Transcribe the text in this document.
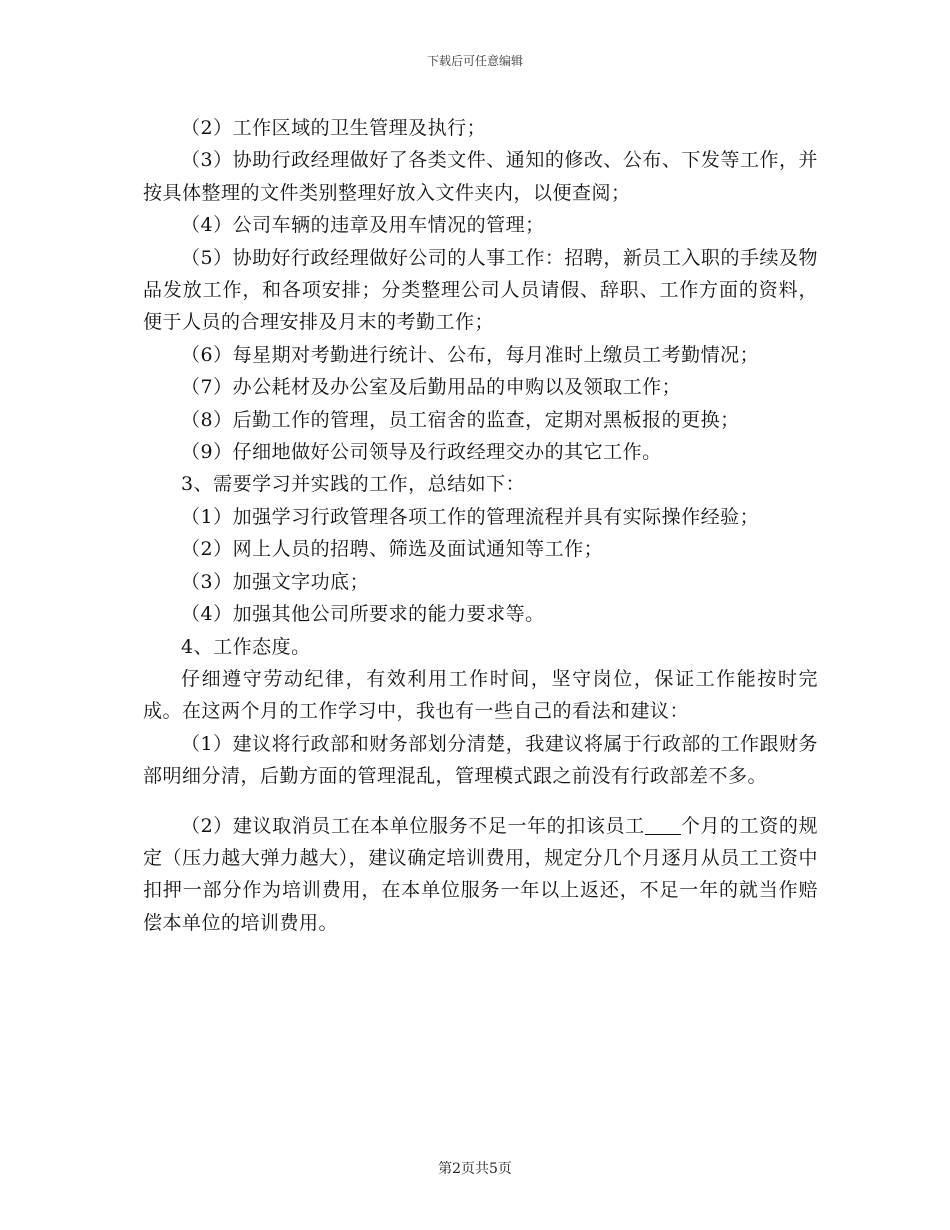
下载后可任意编辑

（2）工作区域的卫生管理及执行；

（3）协助行政经理做好了各类文件、通知的修改、公布、下发等工作，并按具体整理的文件类别整理好放入文件夹内，以便查阅；

（4）公司车辆的违章及用车情况的管理；

（5）协助好行政经理做好公司的人事工作：招聘，新员工入职的手续及物品发放工作，和各项安排；分类整理公司人员请假、辞职、工作方面的资料，便于人员的合理安排及月末的考勤工作；

（6）每星期对考勤进行统计、公布，每月准时上缴员工考勤情况；

（7）办公耗材及办公室及后勤用品的申购以及领取工作；

（8）后勤工作的管理，员工宿舍的监查，定期对黑板报的更换；

（9）仔细地做好公司领导及行政经理交办的其它工作。

3、需要学习并实践的工作，总结如下：

（1）加强学习行政管理各项工作的管理流程并具有实际操作经验；

（2）网上人员的招聘、筛选及面试通知等工作；

（3）加强文字功底；

（4）加强其他公司所要求的能力要求等。

4、工作态度。

仔细遵守劳动纪律，有效利用工作时间，坚守岗位，保证工作能按时完成。在这两个月的工作学习中，我也有一些自己的看法和建议：

（1）建议将行政部和财务部划分清楚，我建议将属于行政部的工作跟财务部明细分清，后勤方面的管理混乱，管理模式跟之前没有行政部差不多。

（2）建议取消员工在本单位服务不足一年的扣该员工 个月的工资的规定（压力越大弹力越大），建议确定培训费用，规定分几个月逐月从员工工资中扣押一部分作为培训费用，在本单位服务一年以上返还，不足一年的就当作赔偿本单位的培训费用。

第2页共5页
